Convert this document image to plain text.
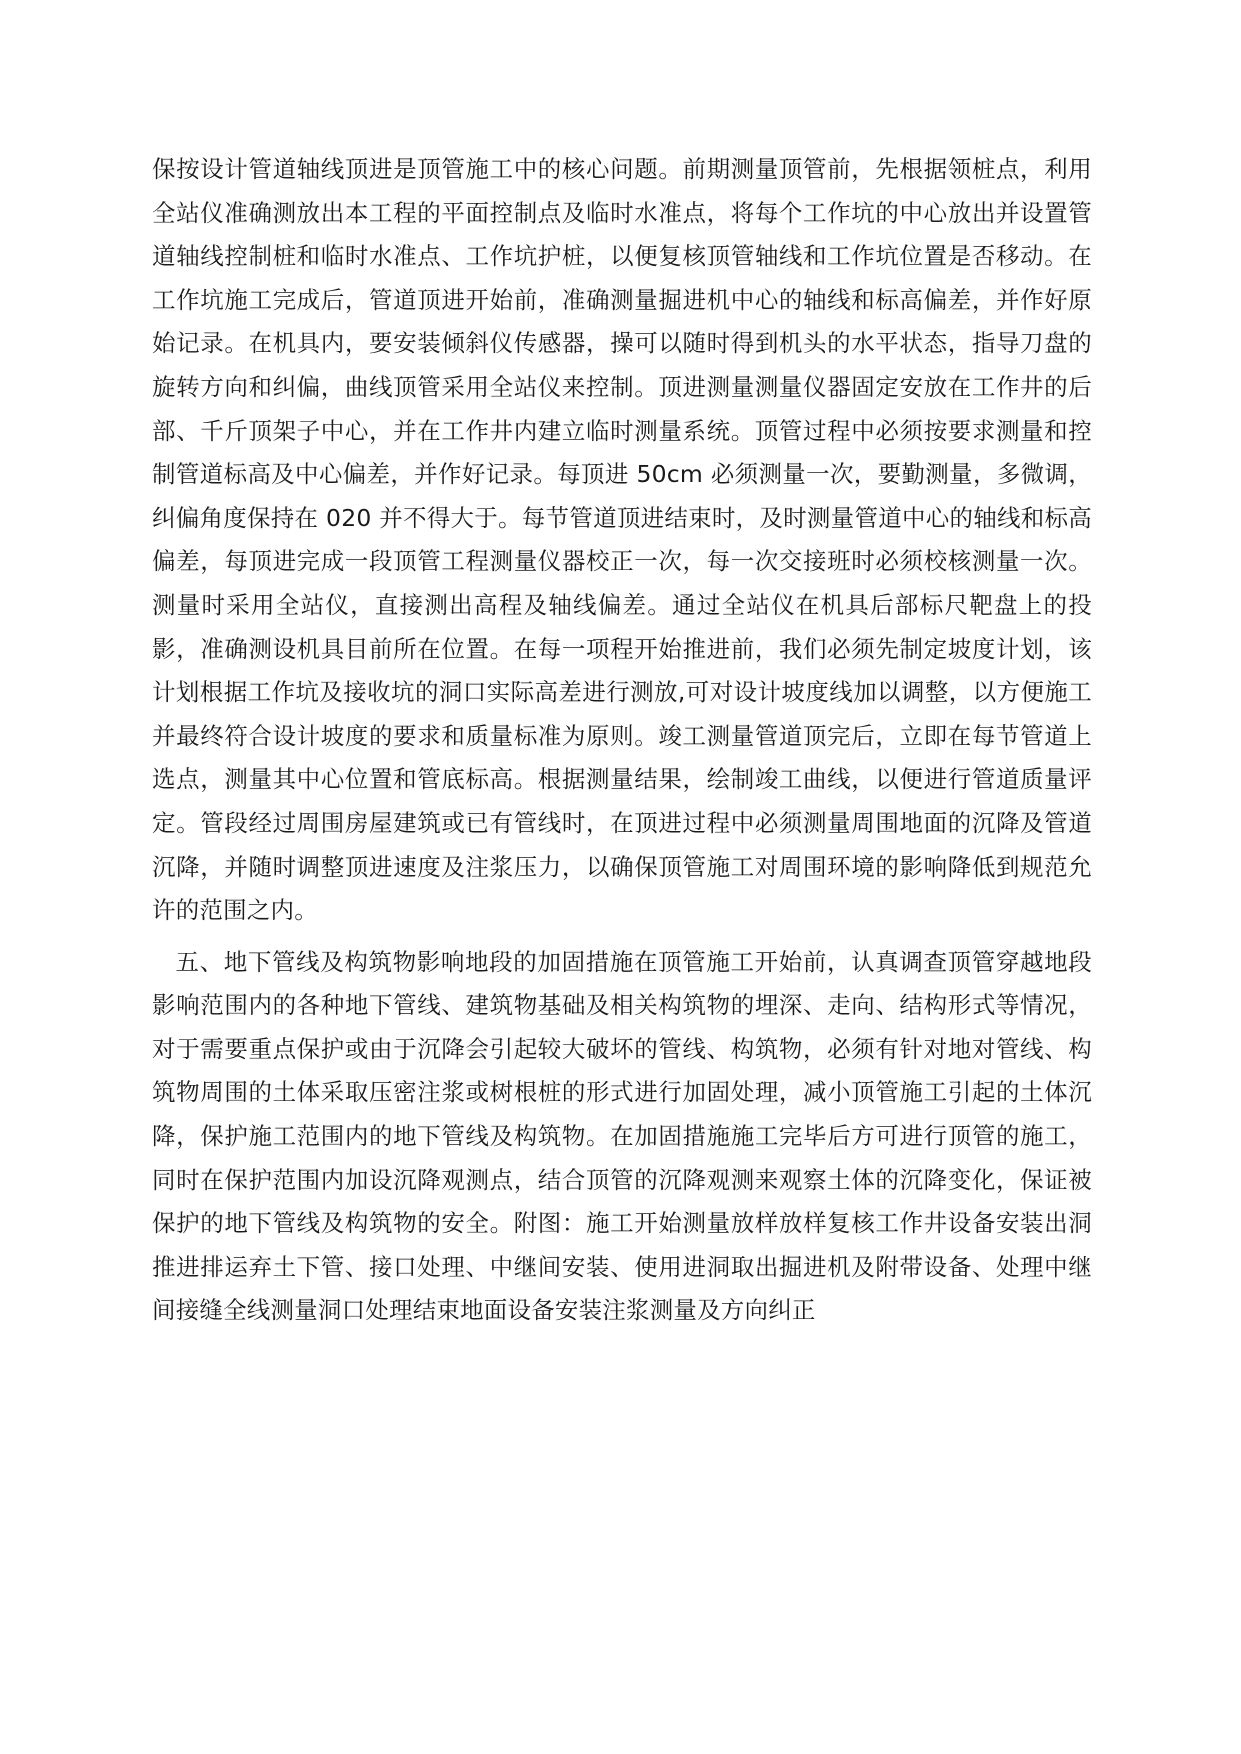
保按设计管道轴线顶进是顶管施工中的核心问题。前期测量顶管前，先根据领桩点，利用全站仪准确测放出本工程的平面控制点及临时水准点，将每个工作坑的中心放出并设置管道轴线控制桩和临时水准点、工作坑护桩，以便复核顶管轴线和工作坑位置是否移动。在工作坑施工完成后，管道顶进开始前，准确测量掘进机中心的轴线和标高偏差，并作好原始记录。在机具内，要安装倾斜仪传感器，操可以随时得到机头的水平状态，指导刀盘的旋转方向和纠偏，曲线顶管采用全站仪来控制。顶进测量测量仪器固定安放在工作井的后部、千斤顶架子中心，并在工作井内建立临时测量系统。顶管过程中必须按要求测量和控制管道标高及中心偏差，并作好记录。每顶进 50cm 必须测量一次，要勤测量，多微调，纠偏角度保持在 020 并不得大于。每节管道顶进结束时，及时测量管道中心的轴线和标高偏差，每顶进完成一段顶管工程测量仪器校正一次，每一次交接班时必须校核测量一次。测量时采用全站仪，直接测出高程及轴线偏差。通过全站仪在机具后部标尺靶盘上的投影，准确测设机具目前所在位置。在每一项程开始推进前，我们必须先制定坡度计划，该计划根据工作坑及接收坑的洞口实际高差进行测放,可对设计坡度线加以调整，以方便施工并最终符合设计坡度的要求和质量标准为原则。竣工测量管道顶完后，立即在每节管道上选点，测量其中心位置和管底标高。根据测量结果，绘制竣工曲线，以便进行管道质量评定。管段经过周围房屋建筑或已有管线时，在顶进过程中必须测量周围地面的沉降及管道沉降，并随时调整顶进速度及注浆压力，以确保顶管施工对周围环境的影响降低到规范允许的范围之内。

五、地下管线及构筑物影响地段的加固措施在顶管施工开始前，认真调查顶管穿越地段影响范围内的各种地下管线、建筑物基础及相关构筑物的埋深、走向、结构形式等情况，对于需要重点保护或由于沉降会引起较大破坏的管线、构筑物，必须有针对地对管线、构筑物周围的土体采取压密注浆或树根桩的形式进行加固处理，减小顶管施工引起的土体沉降，保护施工范围内的地下管线及构筑物。在加固措施施工完毕后方可进行顶管的施工，同时在保护范围内加设沉降观测点，结合顶管的沉降观测来观察土体的沉降变化，保证被保护的地下管线及构筑物的安全。附图：施工开始测量放样放样复核工作井设备安装出洞推进排运弃土下管、接口处理、中继间安装、使用进洞取出掘进机及附带设备、处理中继间接缝全线测量洞口处理结束地面设备安装注浆测量及方向纠正
